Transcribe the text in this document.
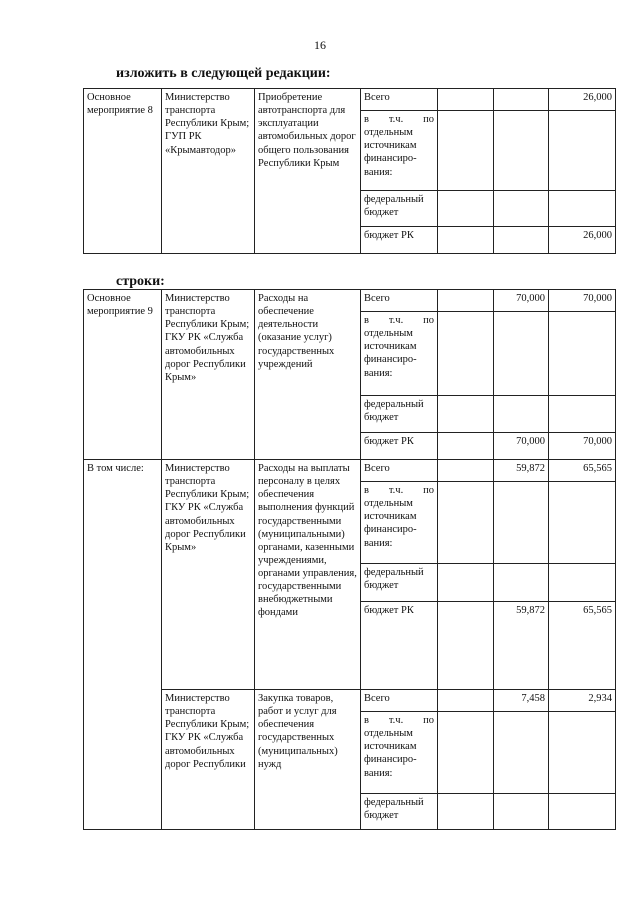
16
изложить в следующей редакции:
Основное мероприятие 8	Министерство транспорта Республики Крым; ГУП РК «Крымавтодор»	Приобретение автотранспорта для эксплуатации автомобильных дорог общего пользования Республики Крым	Всего			26,000
			в т.ч. по отдельным источникам финансиро-вания:			
			федеральный бюджет			
			бюджет РК			26,000
строки:
Основное мероприятие 9	Министерство транспорта Республики Крым; ГКУ РК «Служба автомобильных дорог Республики Крым»	Расходы на обеспечение деятельности (оказание услуг) государственных учреждений	Всего		70,000	70,000
			в т.ч. по отдельным источникам финансиро-вания:			
			федеральный бюджет			
			бюджет РК		70,000	70,000
В том числе:	Министерство транспорта Республики Крым; ГКУ РК «Служба автомобильных дорог Республики Крым»	Расходы на выплаты персоналу в целях обеспечения выполнения функций государственными (муниципальными) органами, казенными учреждениями, органами управления, государственными внебюджетными фондами	Всего		59,872	65,565
			в т.ч. по отдельным источникам финансиро-вания:			
			федеральный бюджет			
			бюджет РК		59,872	65,565
	Министерство транспорта Республики Крым; ГКУ РК «Служба автомобильных дорог Республики	Закупка товаров, работ и услуг для обеспечения государственных (муниципальных) нужд	Всего		7,458	2,934
			в т.ч. по отдельным источникам финансиро-вания:			
			федеральный бюджет			
